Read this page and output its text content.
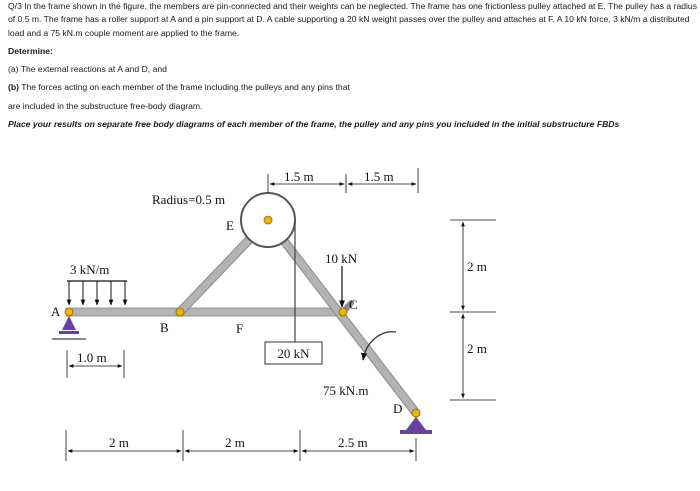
Q/3 In the frame shown in the figure, the members are pin-connected and their weights can be neglected. The frame has one frictionless pulley attached at E. The pulley has a radius of 0.5 m. The frame has a roller support at A and a pin support at D. A cable supporting a 20 kN weight passes over the pulley and attaches at F. A 10 kN force, 3 kN/m a distributed load and a 75 kN.m couple moment are applied to the frame.

Determine:

(a) The external reactions at A and D, and

(b) The forces acting on each member of the frame including the pulleys and any pins that

are included in the substructure free-body diagram.

Place your results on separate free body diagrams of each member of the frame, the pulley and any pins you included in the initial substructure FBDs

20 kN
A
D
Radius=0.5 m
E
B	F
C
3 kN/m
10 kN
75 kN.m
1.5 m	1.5 m
2 m
2 m
1.0 m
2 m	2 m	2.5 m
